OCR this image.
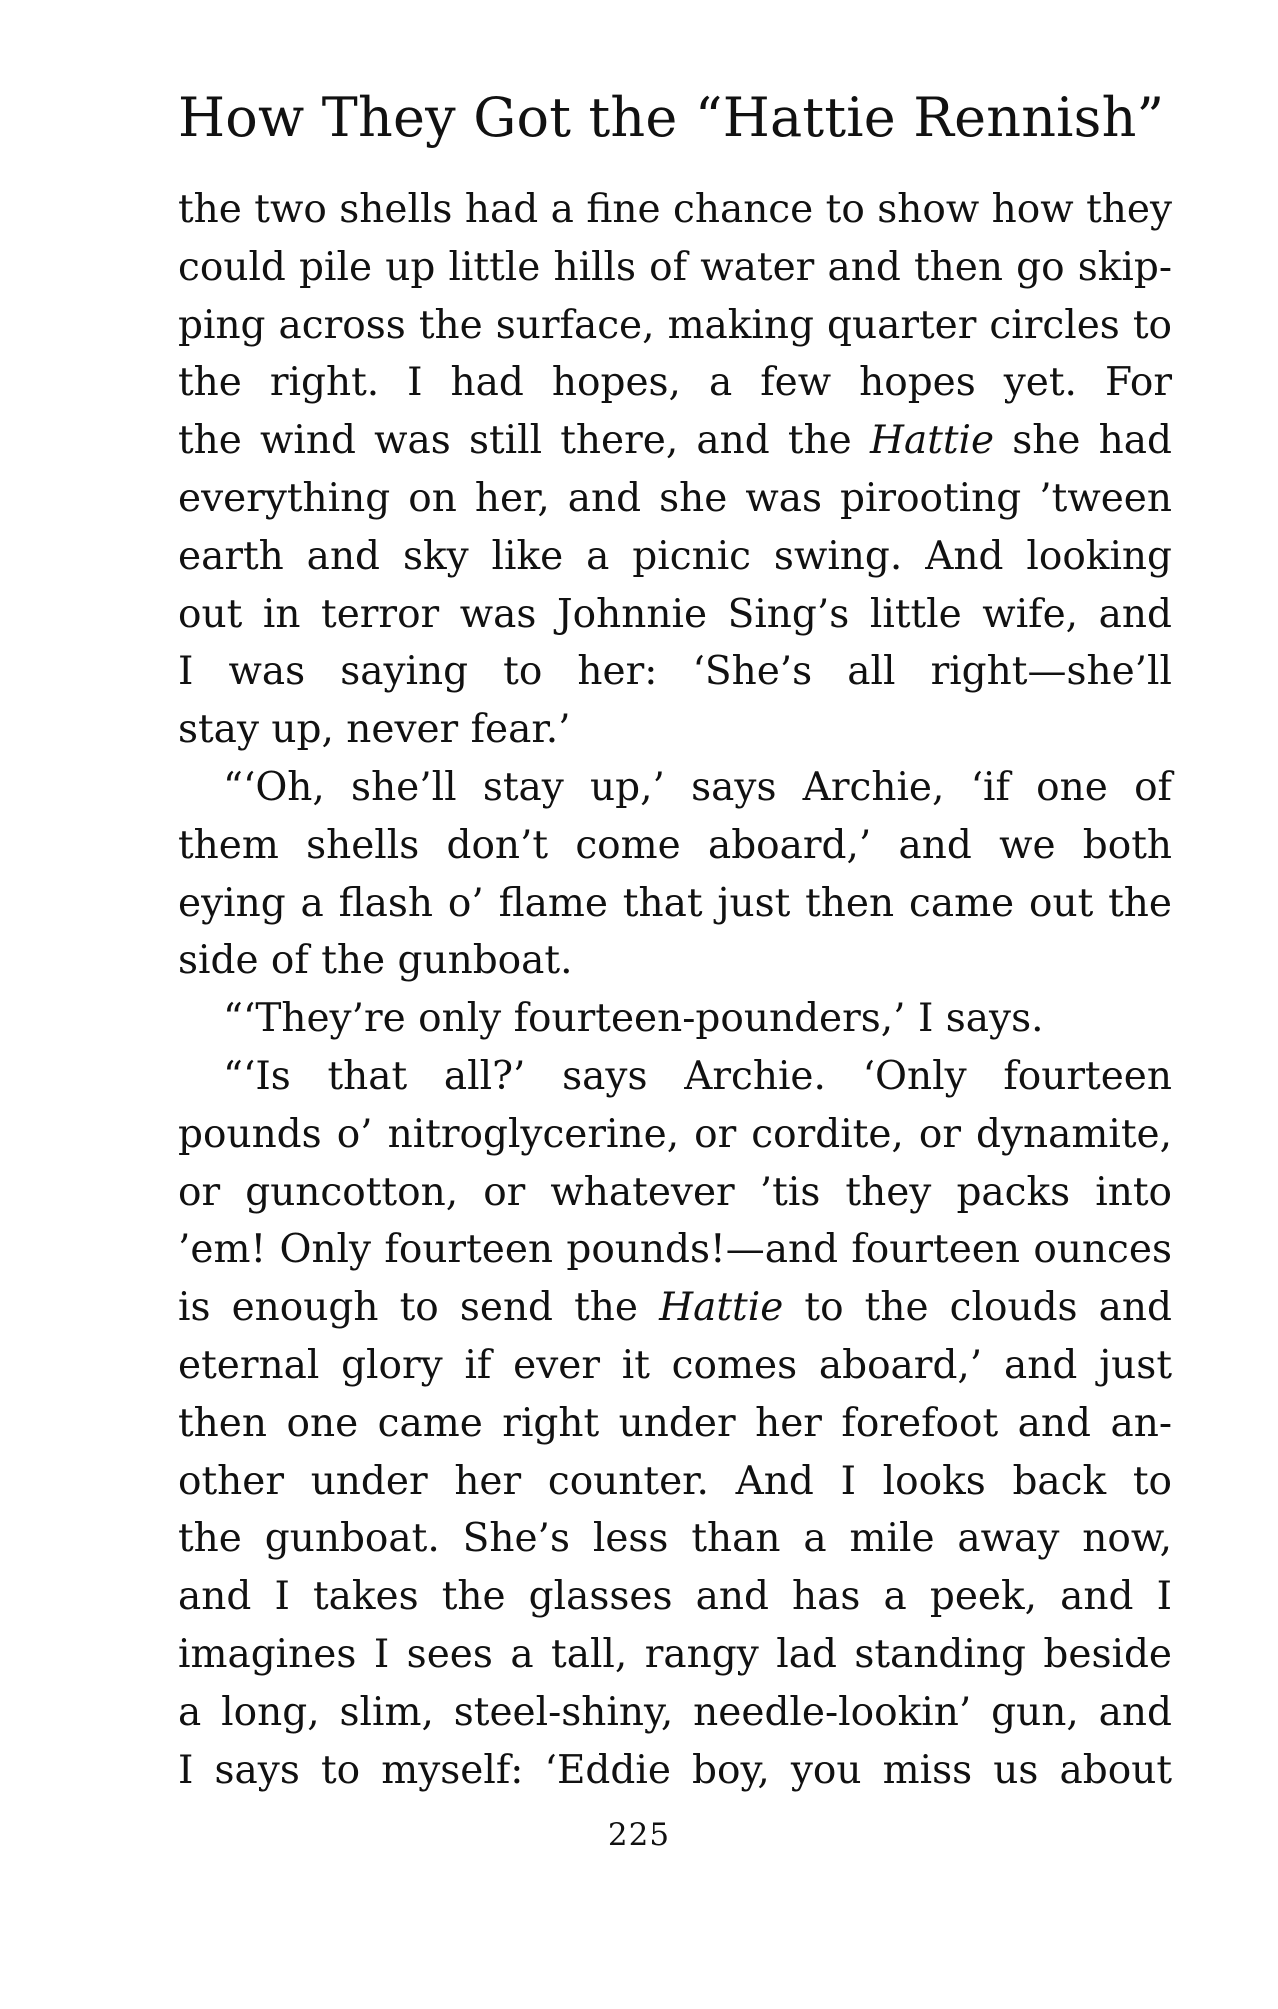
How They Got the “Hattie Rennish”
the two shells had a fine chance to show how they
could pile up little hills of water and then go skip-
ping across the surface, making quarter circles to
the right. I had hopes, a few hopes yet. For
the wind was still there, and the Hattie she had
everything on her, and she was pirooting ’tween
earth and sky like a picnic swing. And looking
out in terror was Johnnie Sing’s little wife, and
I was saying to her: ‘She’s all right—she’ll
stay up, never fear.’
“‘Oh, she’ll stay up,’ says Archie, ‘if one of
them shells don’t come aboard,’ and we both
eying a flash o’ flame that just then came out the
side of the gunboat.
“‘They’re only fourteen-pounders,’ I says.
“‘Is that all?’ says Archie. ‘Only fourteen
pounds o’ nitroglycerine, or cordite, or dynamite,
or guncotton, or whatever ’tis they packs into
’em! Only fourteen pounds!—and fourteen ounces
is enough to send the Hattie to the clouds and
eternal glory if ever it comes aboard,’ and just
then one came right under her forefoot and an-
other under her counter. And I looks back to
the gunboat. She’s less than a mile away now,
and I takes the glasses and has a peek, and I
imagines I sees a tall, rangy lad standing beside
a long, slim, steel-shiny, needle-lookin’ gun, and
I says to myself: ‘Eddie boy, you miss us about
225
